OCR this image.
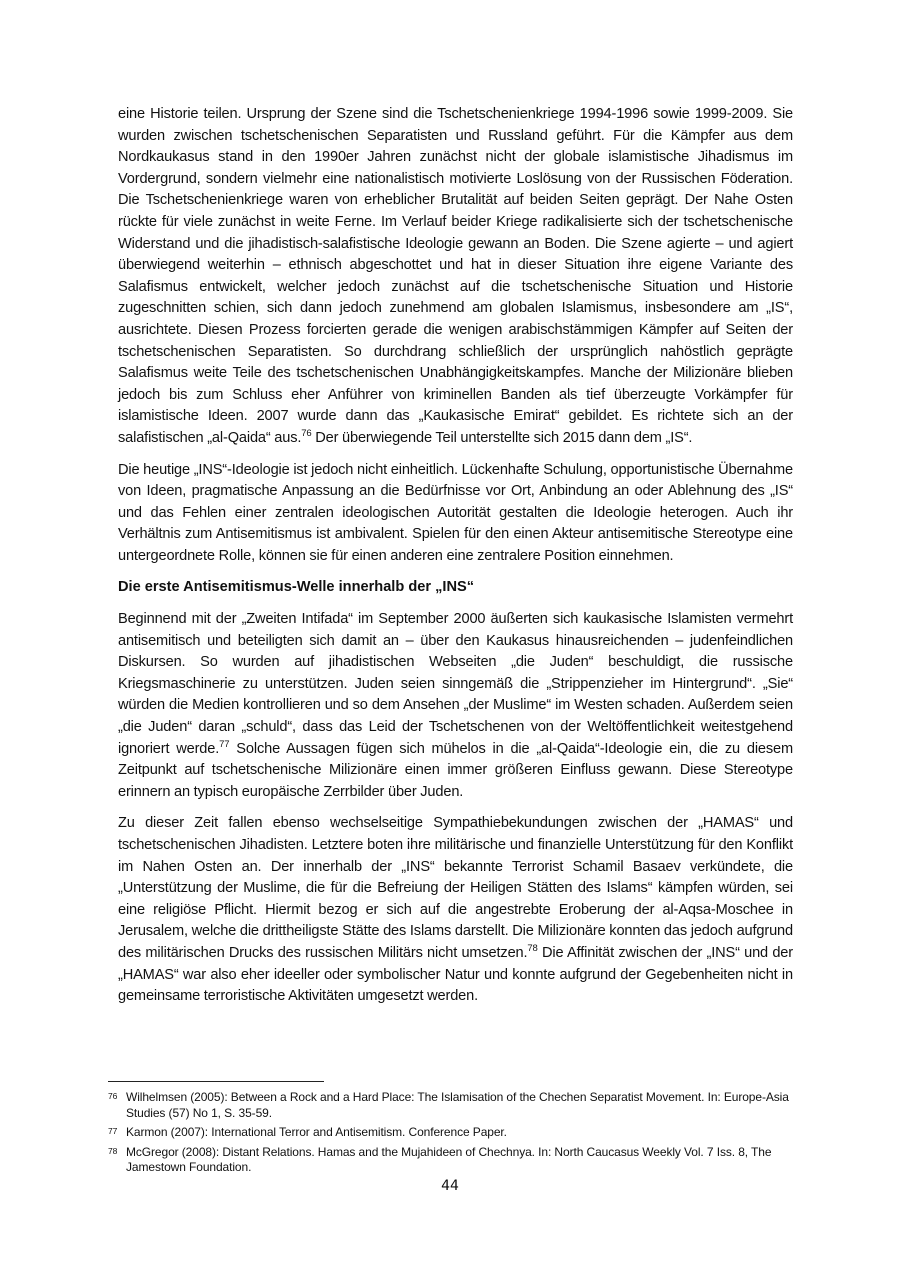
eine Historie teilen. Ursprung der Szene sind die Tschetschenienkriege 1994-1996 sowie 1999-2009. Sie wurden zwischen tschetschenischen Separatisten und Russland geführt. Für die Kämpfer aus dem Nordkaukasus stand in den 1990er Jahren zunächst nicht der globale islamistische Jihadismus im Vordergrund, sondern vielmehr eine nationalistisch motivierte Loslösung von der Russischen Föderation. Die Tschetschenienkriege waren von erheblicher Brutalität auf beiden Seiten geprägt. Der Nahe Osten rückte für viele zunächst in weite Ferne. Im Verlauf beider Kriege radikalisierte sich der tschetschenische Widerstand und die jihadistisch-salafistische Ideologie gewann an Boden. Die Szene agierte – und agiert überwiegend weiterhin – ethnisch abgeschottet und hat in dieser Situation ihre eigene Variante des Salafismus entwickelt, welcher jedoch zunächst auf die tschetschenische Situation und Historie zugeschnitten schien, sich dann jedoch zunehmend am globalen Islamismus, insbesondere am „IS“, ausrichtete. Diesen Prozess forcierten gerade die wenigen arabischstämmigen Kämpfer auf Seiten der tschetschenischen Separatisten. So durchdrang schließlich der ursprünglich nahöstlich geprägte Salafismus weite Teile des tschetschenischen Unabhängigkeitskampfes. Manche der Milizionäre blieben jedoch bis zum Schluss eher Anführer von kriminellen Banden als tief überzeugte Vorkämpfer für islamistische Ideen. 2007 wurde dann das „Kaukasische Emirat“ gebildet. Es richtete sich an der salafistischen „al-Qaida“ aus.$^{76}$ Der überwiegende Teil unterstellte sich 2015 dann dem „IS“.

Die heutige „INS“-Ideologie ist jedoch nicht einheitlich. Lückenhafte Schulung, opportunistische Übernahme von Ideen, pragmatische Anpassung an die Bedürfnisse vor Ort, Anbindung an oder Ablehnung des „IS“ und das Fehlen einer zentralen ideologischen Autorität gestalten die Ideologie heterogen. Auch ihr Verhältnis zum Antisemitismus ist ambivalent. Spielen für den einen Akteur antisemitische Stereotype eine untergeordnete Rolle, können sie für einen anderen eine zentralere Position einnehmen.

Die erste Antisemitismus-Welle innerhalb der „INS“

Beginnend mit der „Zweiten Intifada“ im September 2000 äußerten sich kaukasische Islamisten vermehrt antisemitisch und beteiligten sich damit an – über den Kaukasus hinausreichenden – judenfeindlichen Diskursen. So wurden auf jihadistischen Webseiten „die Juden“ beschuldigt, die russische Kriegsmaschinerie zu unterstützen. Juden seien sinngemäß die „Strippenzieher im Hintergrund“. „Sie“ würden die Medien kontrollieren und so dem Ansehen „der Muslime“ im Westen schaden. Außerdem seien „die Juden“ daran „schuld“, dass das Leid der Tschetschenen von der Weltöffentlichkeit weitestgehend ignoriert werde.$^{77}$ Solche Aussagen fügen sich mühelos in die „al-Qaida“-Ideologie ein, die zu diesem Zeitpunkt auf tschetschenische Milizionäre einen immer größeren Einfluss gewann. Diese Stereotype erinnern an typisch europäische Zerrbilder über Juden.

Zu dieser Zeit fallen ebenso wechselseitige Sympathiebekundungen zwischen der „HAMAS“ und tschetschenischen Jihadisten. Letztere boten ihre militärische und finanzielle Unterstützung für den Konflikt im Nahen Osten an. Der innerhalb der „INS“ bekannte Terrorist Schamil Basaev verkündete, die „Unterstützung der Muslime, die für die Befreiung der Heiligen Stätten des Islams“ kämpfen würden, sei eine religiöse Pflicht. Hiermit bezog er sich auf die angestrebte Eroberung der al-Aqsa-Moschee in Jerusalem, welche die drittheiligste Stätte des Islams darstellt. Die Milizionäre konnten das jedoch aufgrund des militärischen Drucks des russischen Militärs nicht umsetzen.$^{78}$ Die Affinität zwischen der „INS“ und der „HAMAS“ war also eher ideeller oder symbolischer Natur und konnte aufgrund der Gegebenheiten nicht in gemeinsame terroristische Aktivitäten umgesetzt werden.

76 Wilhelmsen (2005): Between a Rock and a Hard Place: The Islamisation of the Chechen Separatist Movement. In: Europe-Asia Studies (57) No 1, S. 35-59.
77 Karmon (2007): International Terror and Antisemitism. Conference Paper.
78 McGregor (2008): Distant Relations. Hamas and the Mujahideen of Chechnya. In: North Caucasus Weekly Vol. 7 Iss. 8, The Jamestown Foundation.
44
